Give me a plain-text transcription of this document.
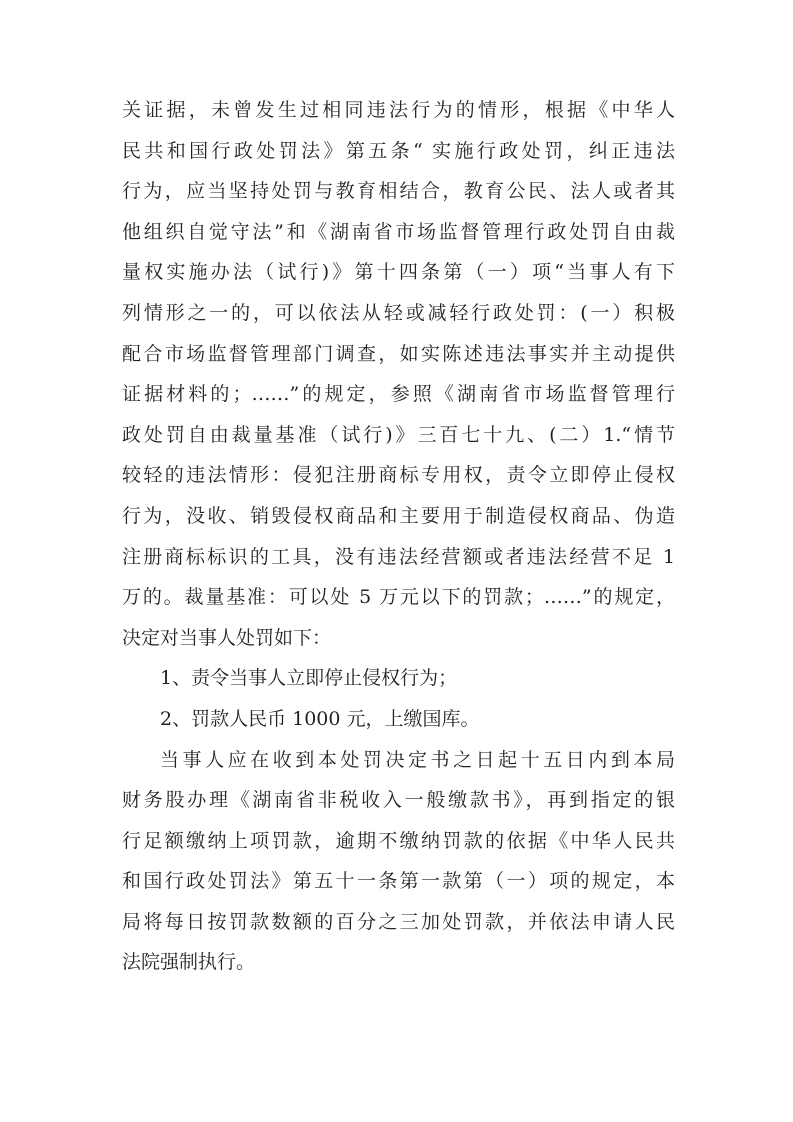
关证据，未曾发生过相同违法行为的情形，根据《中华人
民共和国行政处罚法》第五条“ 实施行政处罚，纠正违法
行为，应当坚持处罚与教育相结合，教育公民、法人或者其
他组织自觉守法”和《湖南省市场监督管理行政处罚自由裁
量权实施办法（试行)》第十四条第（一）项“当事人有下
列情形之一的，可以依法从轻或减轻行政处罚：(一）积极
配合市场监督管理部门调查，如实陈述违法事实并主动提供
证据材料的；……”的规定，参照《湖南省市场监督管理行
政处罚自由裁量基准（试行)》三百七十九、(二）1.“情节
较轻的违法情形：侵犯注册商标专用权，责令立即停止侵权
行为，没收、销毁侵权商品和主要用于制造侵权商品、伪造
注册商标标识的工具，没有违法经营额或者违法经营不足 1
万的。裁量基准：可以处 5 万元以下的罚款；……”的规定，
决定对当事人处罚如下：
1、责令当事人立即停止侵权行为；
2、罚款人民币 1000 元，上缴国库。
当事人应在收到本处罚决定书之日起十五日内到本局
财务股办理《湖南省非税收入一般缴款书》，再到指定的银
行足额缴纳上项罚款，逾期不缴纳罚款的依据《中华人民共
和国行政处罚法》第五十一条第一款第（一）项的规定，本
局将每日按罚款数额的百分之三加处罚款，并依法申请人民
法院强制执行。
